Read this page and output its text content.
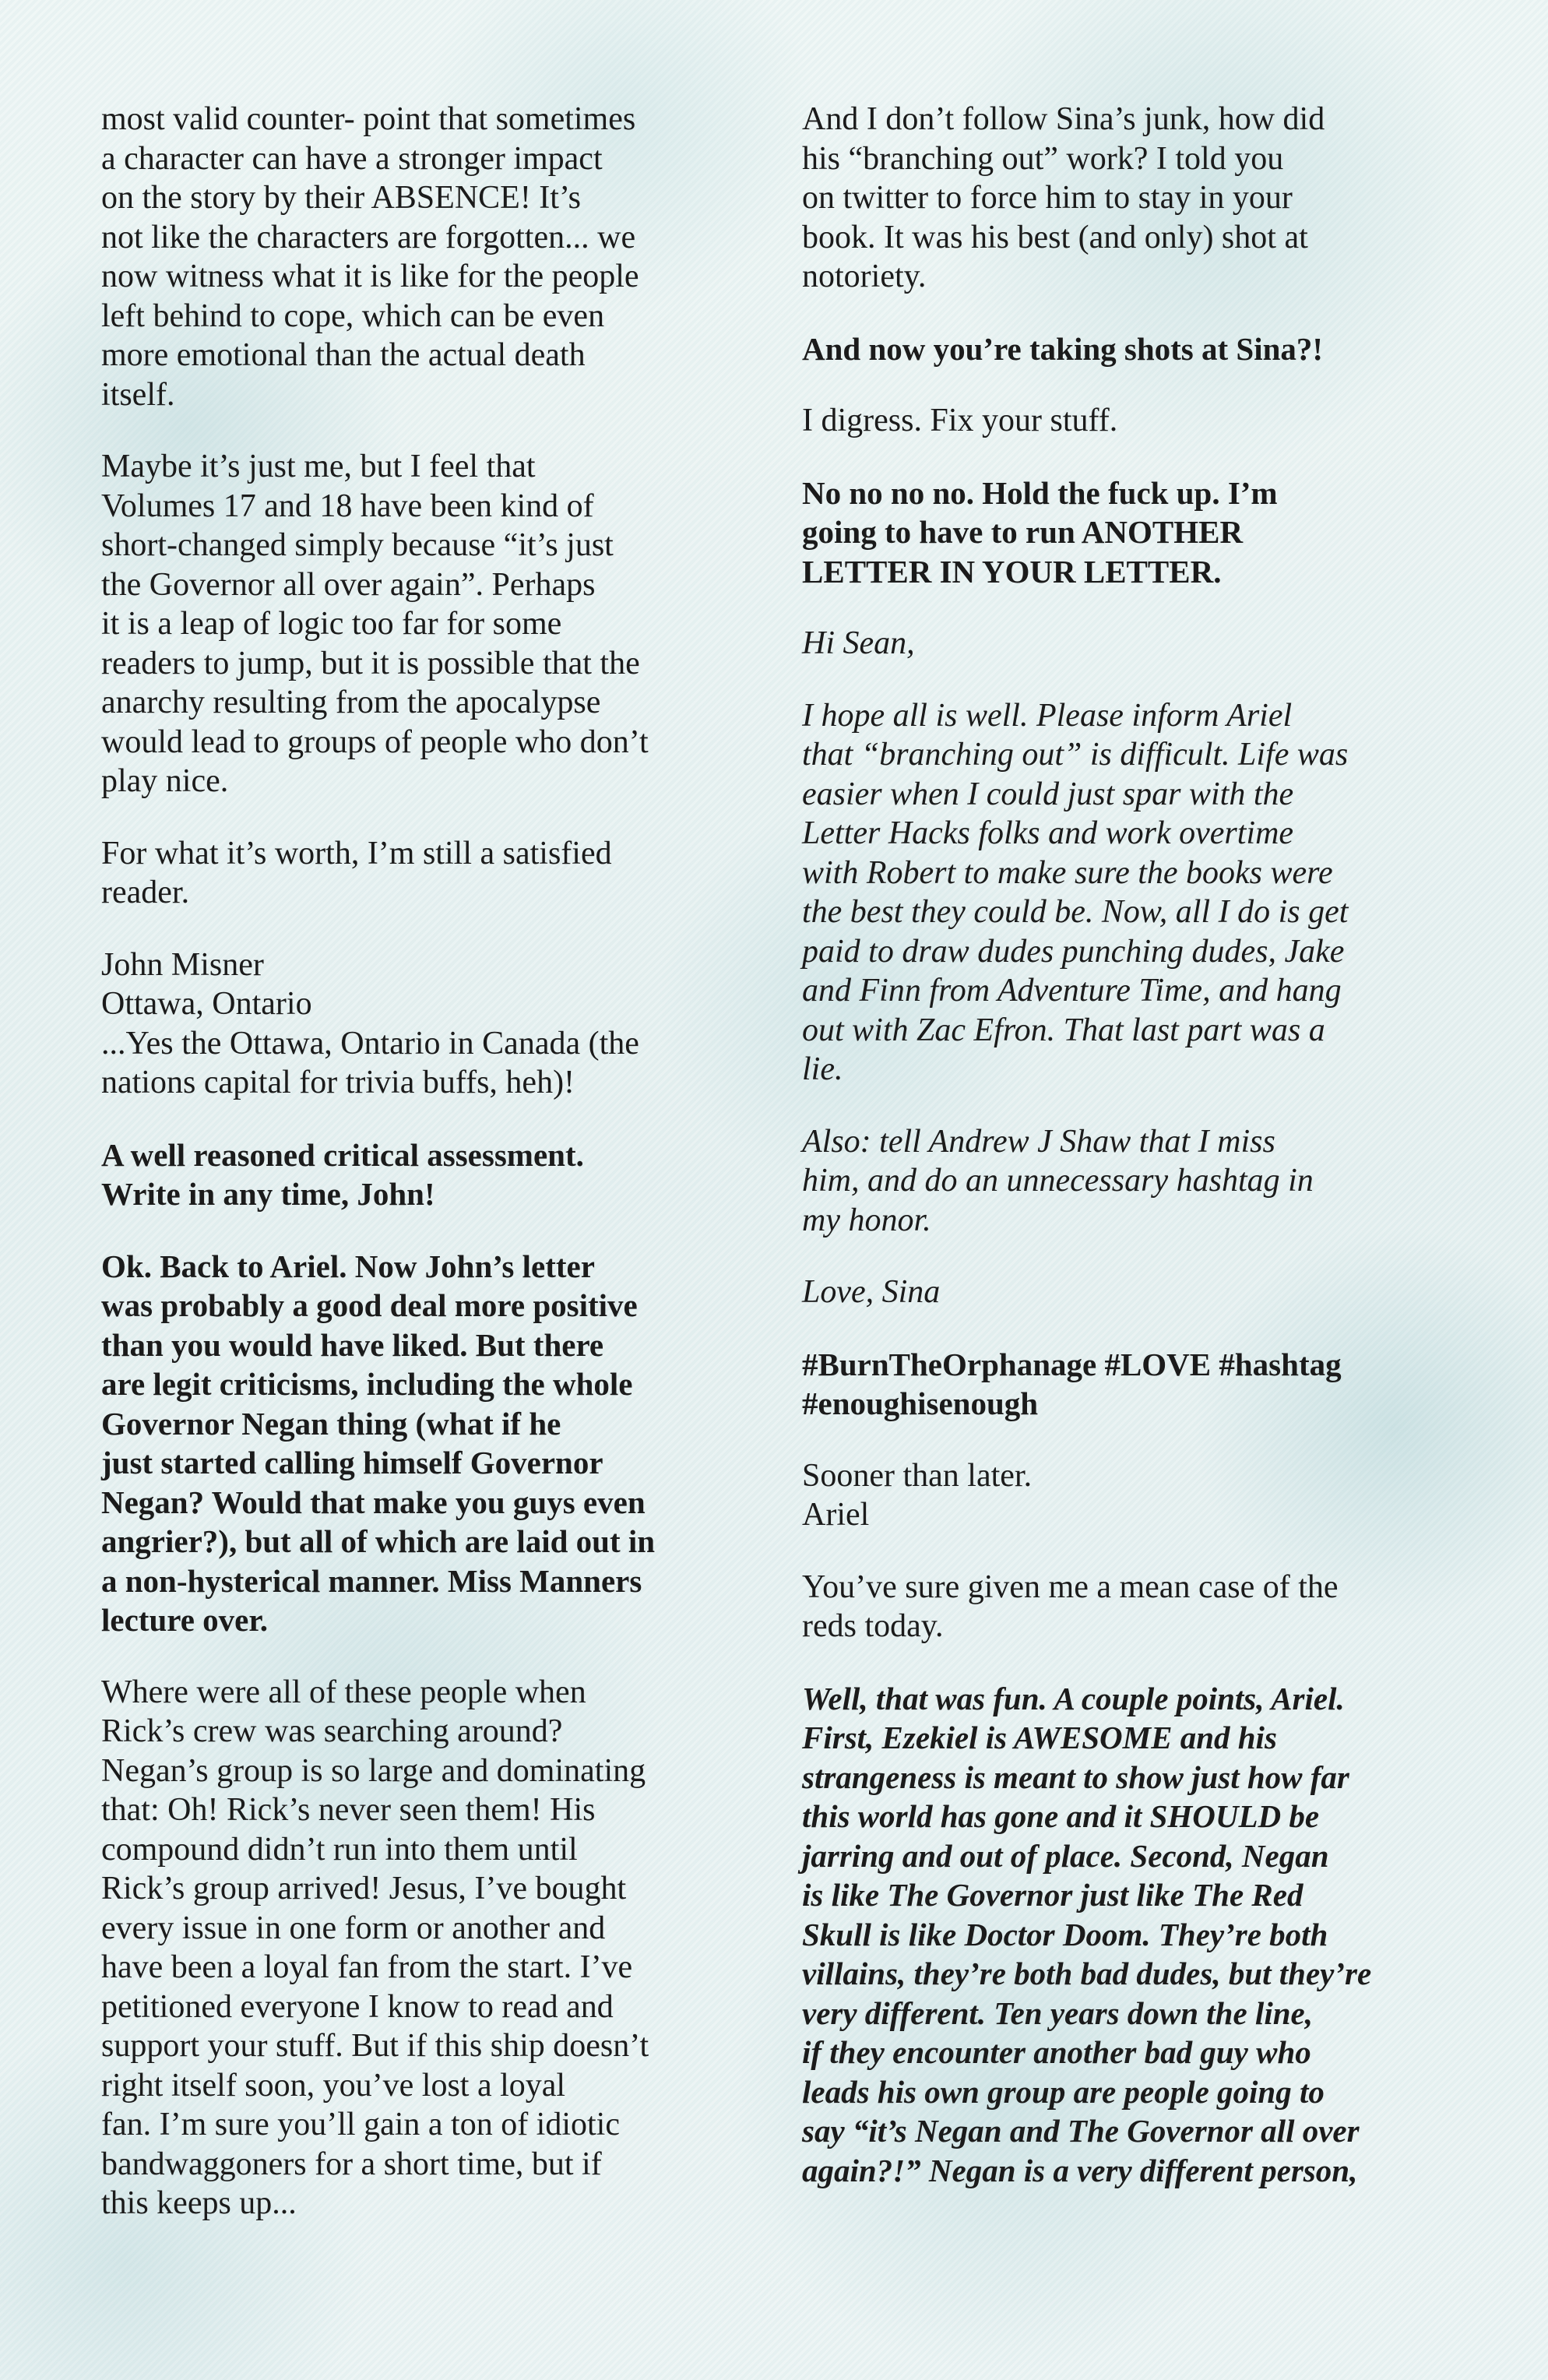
most valid counter- point that sometimes
a character can have a stronger impact
on the story by their ABSENCE! It’s
not like the characters are forgotten... we
now witness what it is like for the people
left behind to cope, which can be even
more emotional than the actual death
itself.

Maybe it’s just me, but I feel that
Volumes 17 and 18 have been kind of
short-changed simply because “it’s just
the Governor all over again”. Perhaps
it is a leap of logic too far for some
readers to jump, but it is possible that the
anarchy resulting from the apocalypse
would lead to groups of people who don’t
play nice.

For what it’s worth, I’m still a satisfied
reader.

John Misner
Ottawa, Ontario
...Yes the Ottawa, Ontario in Canada (the
nations capital for trivia buffs, heh)!

A well reasoned critical assessment.
Write in any time, John!

Ok. Back to Ariel. Now John’s letter
was probably a good deal more positive
than you would have liked. But there
are legit criticisms, including the whole
Governor Negan thing (what if he
just started calling himself Governor
Negan? Would that make you guys even
angrier?), but all of which are laid out in
a non-hysterical manner. Miss Manners
lecture over.

Where were all of these people when
Rick’s crew was searching around?
Negan’s group is so large and dominating
that: Oh! Rick’s never seen them! His
compound didn’t run into them until
Rick’s group arrived! Jesus, I’ve bought
every issue in one form or another and
have been a loyal fan from the start. I’ve
petitioned everyone I know to read and
support your stuff. But if this ship doesn’t
right itself soon, you’ve lost a loyal
fan. I’m sure you’ll gain a ton of idiotic
bandwaggoners for a short time, but if
this keeps up...

And I don’t follow Sina’s junk, how did
his “branching out” work? I told you
on twitter to force him to stay in your
book. It was his best (and only) shot at
notoriety.

And now you’re taking shots at Sina?!

I digress. Fix your stuff.

No no no no. Hold the fuck up. I’m
going to have to run ANOTHER
LETTER IN YOUR LETTER.

Hi Sean,

I hope all is well. Please inform Ariel
that “branching out” is difficult. Life was
easier when I could just spar with the
Letter Hacks folks and work overtime
with Robert to make sure the books were
the best they could be. Now, all I do is get
paid to draw dudes punching dudes, Jake
and Finn from Adventure Time, and hang
out with Zac Efron. That last part was a
lie.

Also: tell Andrew J Shaw that I miss
him, and do an unnecessary hashtag in
my honor.

Love, Sina

#BurnTheOrphanage #LOVE #hashtag
#enoughisenough

Sooner than later.
Ariel

You’ve sure given me a mean case of the
reds today.

Well, that was fun. A couple points, Ariel.
First, Ezekiel is AWESOME and his
strangeness is meant to show just how far
this world has gone and it SHOULD be
jarring and out of place. Second, Negan
is like The Governor just like The Red
Skull is like Doctor Doom. They’re both
villains, they’re both bad dudes, but they’re
very different. Ten years down the line,
if they encounter another bad guy who
leads his own group are people going to
say “it’s Negan and The Governor all over
again?!” Negan is a very different person,
